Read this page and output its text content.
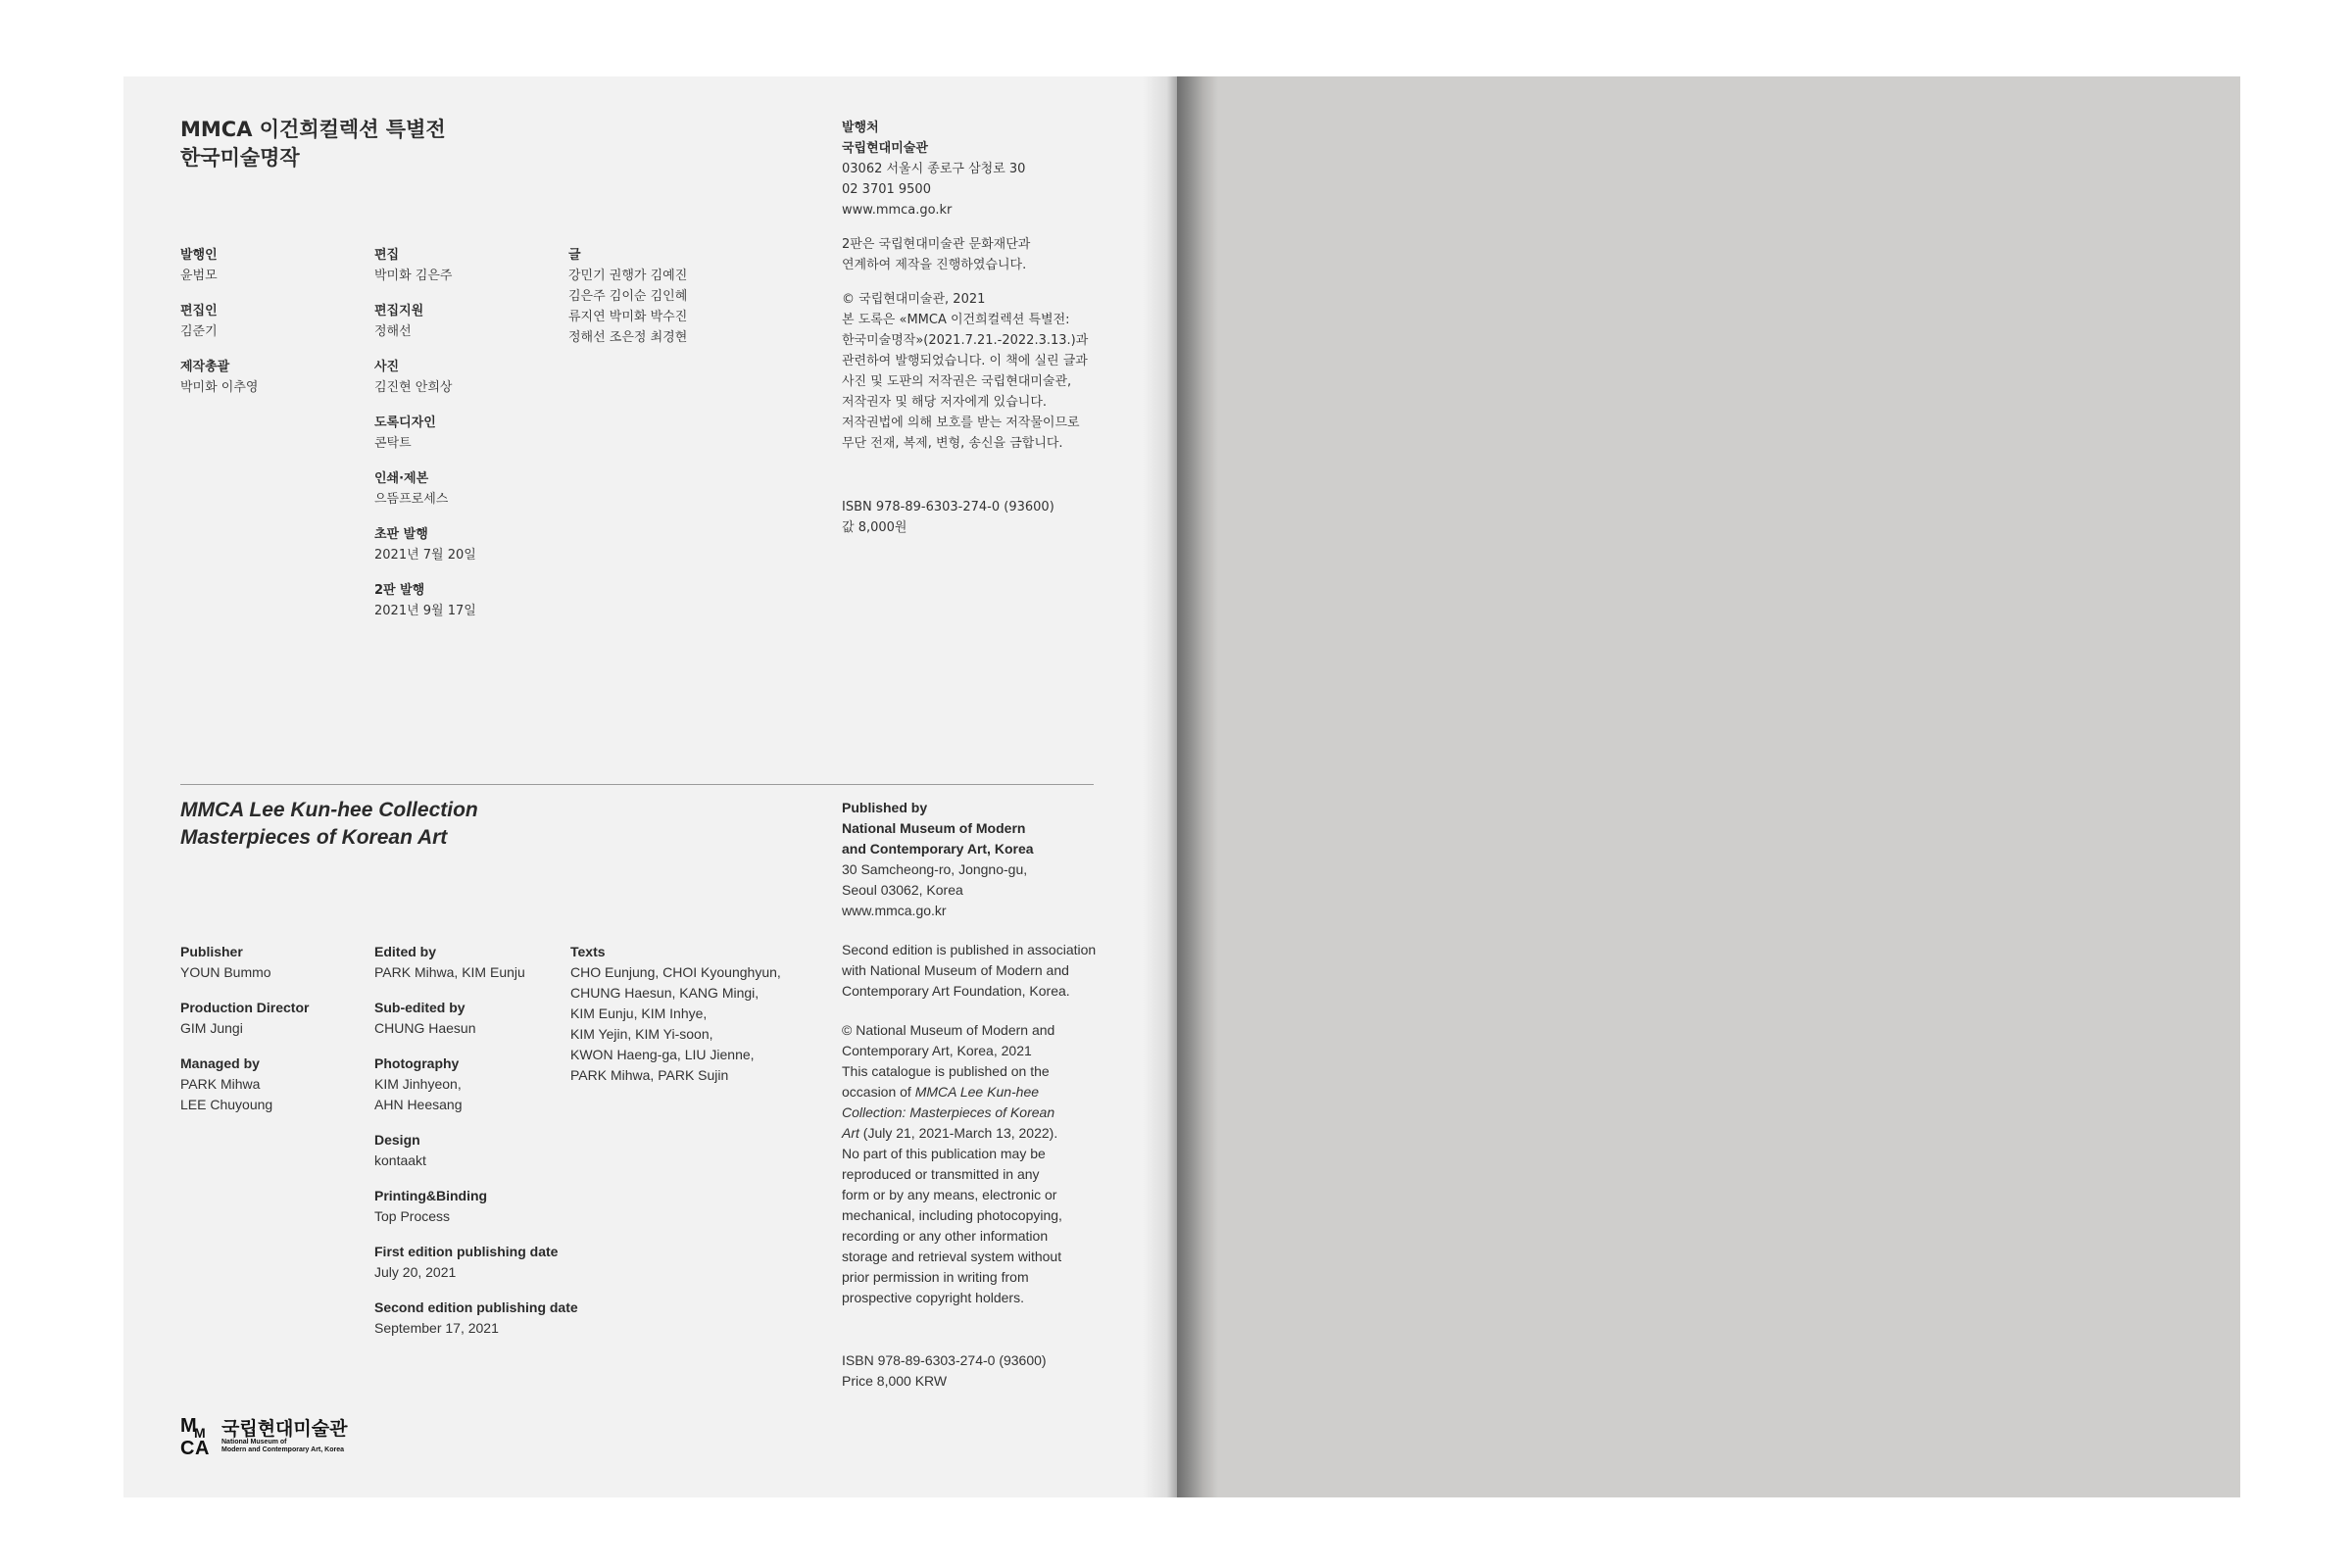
MMCA 이건희컬렉션 특별전
한국미술명작
발행인
윤범모
편집인
김준기
제작총괄
박미화 이추영
편집
박미화 김은주
편집지원
정해선
사진
김진현 안희상
도록디자인
콘탁트
인쇄·제본
으뜸프로세스
초판 발행
2021년 7월 20일
2판 발행
2021년 9월 17일
글
강민기 권행가 김예진
김은주 김이순 김인혜
류지연 박미화 박수진
정해선 조은정 최경현
발행처
국립현대미술관
03062 서울시 종로구 삼청로 30
02 3701 9500
www.mmca.go.kr
2판은 국립현대미술관 문화재단과
연계하여 제작을 진행하였습니다.
© 국립현대미술관, 2021
본 도록은 «MMCA 이건희컬렉션 특별전:
한국미술명작»(2021.7.21.-2022.3.13.)과
관련하여 발행되었습니다. 이 책에 실린 글과
사진 및 도판의 저작권은 국립현대미술관,
저작권자 및 해당 저자에게 있습니다.
저작권법에 의해 보호를 받는 저작물이므로
무단 전재, 복제, 변형, 송신을 금합니다.
ISBN 978-89-6303-274-0 (93600)
값 8,000원
MMCA Lee Kun-hee Collection
Masterpieces of Korean Art
Publisher
YOUN Bummo
Production Director
GIM Jungi
Managed by
PARK Mihwa
LEE Chuyoung
Edited by
PARK Mihwa, KIM Eunju
Sub-edited by
CHUNG Haesun
Photography
KIM Jinhyeon,
AHN Heesang
Design
kontaakt
Printing&Binding
Top Process
First edition publishing date
July 20, 2021
Second edition publishing date
September 17, 2021
Texts
CHO Eunjung, CHOI Kyounghyun,
CHUNG Haesun, KANG Mingi,
KIM Eunju, KIM Inhye,
KIM Yejin, KIM Yi-soon,
KWON Haeng-ga, LIU Jienne,
PARK Mihwa, PARK Sujin
Published by
National Museum of Modern
and Contemporary Art, Korea
30 Samcheong-ro, Jongno-gu,
Seoul 03062, Korea
www.mmca.go.kr
Second edition is published in association
with National Museum of Modern and
Contemporary Art Foundation, Korea.
© National Museum of Modern and
Contemporary Art, Korea, 2021
This catalogue is published on the
occasion of MMCA Lee Kun-hee
Collection: Masterpieces of Korean
Art (July 21, 2021-March 13, 2022).
No part of this publication may be
reproduced or transmitted in any
form or by any means, electronic or
mechanical, including photocopying,
recording or any other information
storage and retrieval system without
prior permission in writing from
prospective copyright holders.
ISBN 978-89-6303-274-0 (93600)
Price 8,000 KRW
M
M
C A
국립현대미술관
National Museum of
Modern and Contemporary Art, Korea
